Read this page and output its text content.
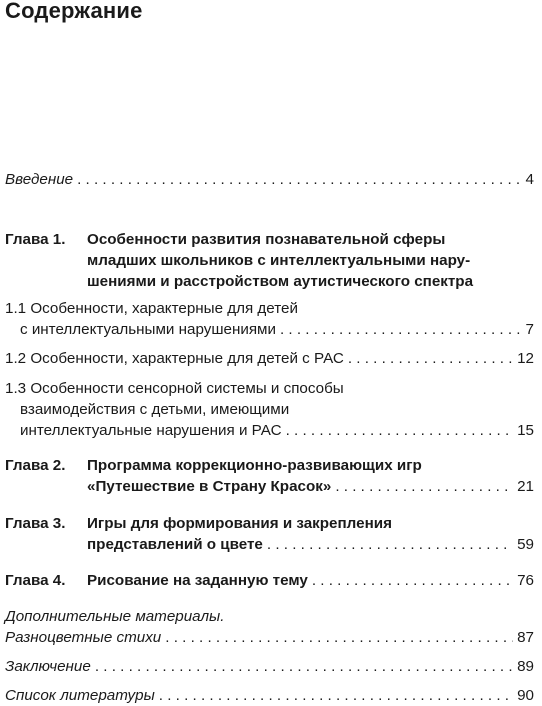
Содержание
Введение . . .	4
Глава 1.	Особенности развития познавательной сферы
младших школьников с интеллектуальными нару-
шениями и расстройством аутистического спектра
1.1 Особенности, характерные для детей
с интеллектуальными нарушениями . . .	7
1.2 Особенности, характерные для детей с РАС . . .	12
1.3 Особенности сенсорной системы и способы
взаимодействия с детьми, имеющими
интеллектуальные нарушения и РАС . . .	15
Глава 2.	Программа коррекционно-развивающих игр
«Путешествие в Страну Красок» . . .	21
Глава 3.	Игры для формирования и закрепления
представлений о цвете . . .	59
Глава 4.	Рисование на заданную тему . . .	76
Дополнительные материалы.
Разноцветные стихи . . .	87
Заключение . . .	89
Список литературы . . .	90
